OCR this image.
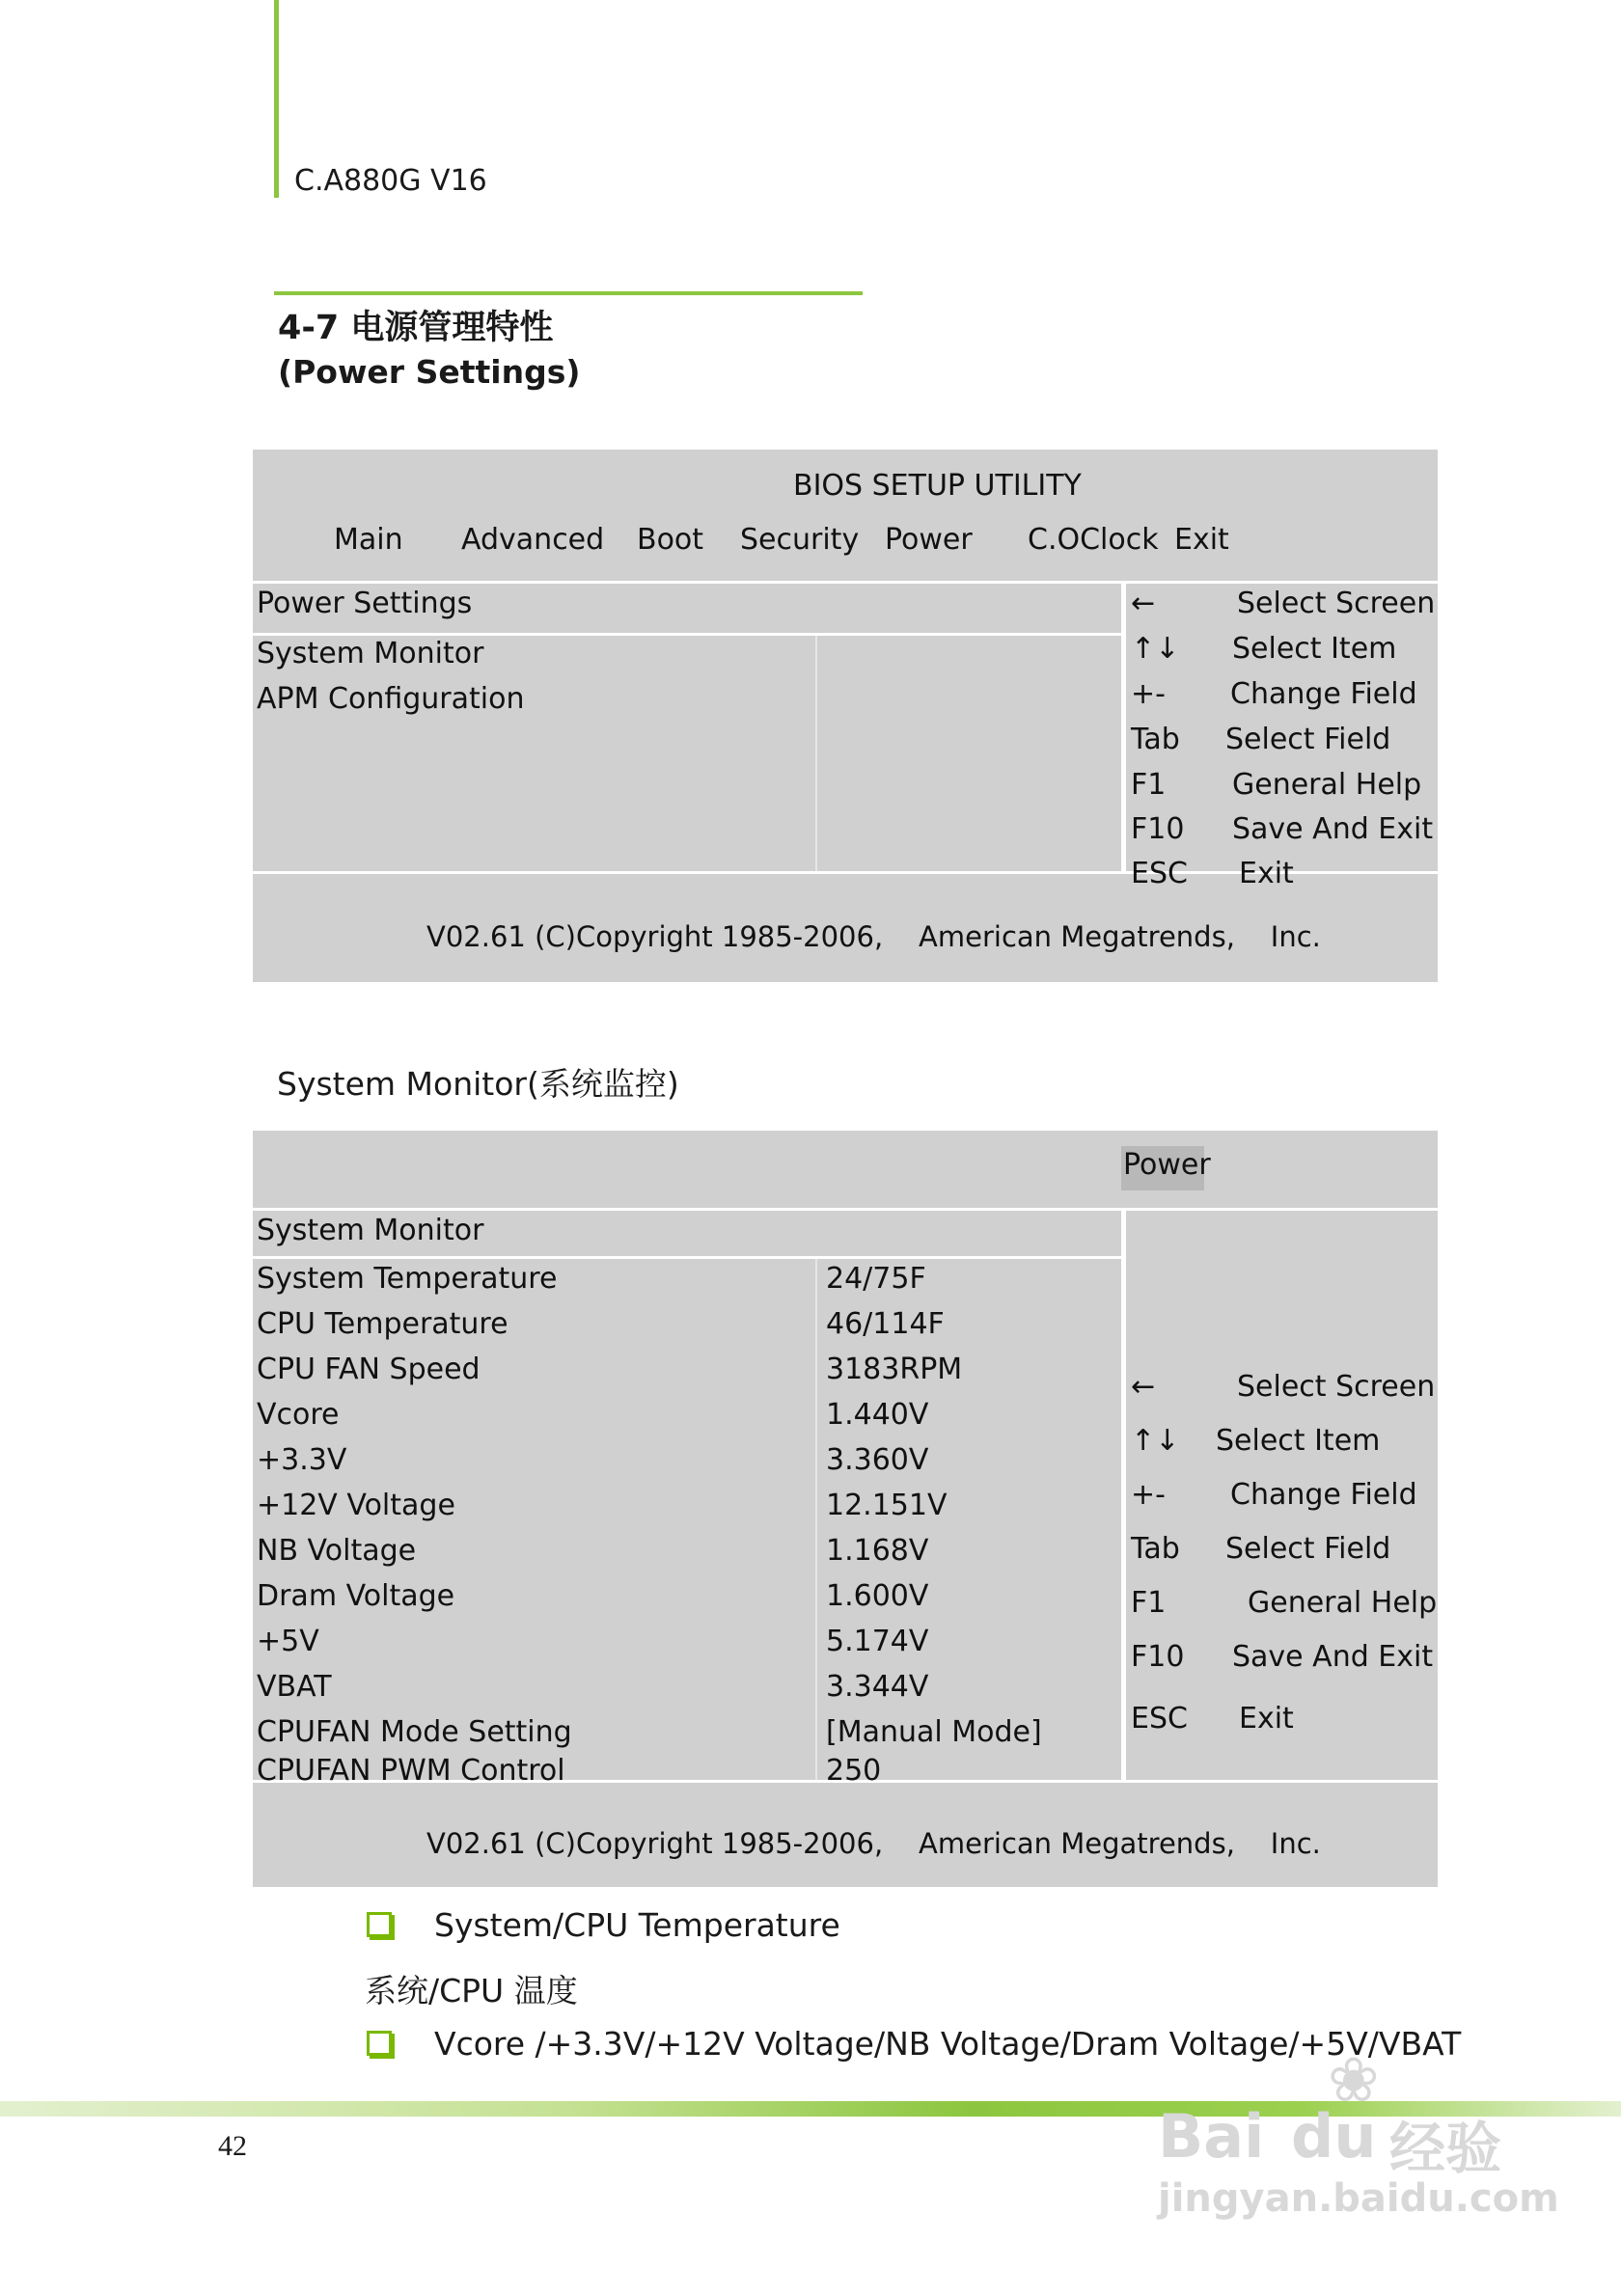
C.A880G V16
4-7 电源管理特性
(Power Settings)
BIOS SETUP UTILITY
Main Advanced Boot Security Power C.OClock Exit
Power Settings
System Monitor
APM Configuration
←	Select Screen
↑↓ Select Item
+- Change Field
Tab Select Field
F1 General Help
F10 Save And Exit
ESC Exit
V02.61 (C)Copyright 1985-2006,    American Megatrends,    Inc.
System Monitor(系统监控)
Power
System Monitor
System Temperature	24/75F
CPU Temperature	46/114F
CPU FAN Speed	3183RPM
Vcore	1.440V
+3.3V	3.360V
+12V Voltage	12.151V
NB Voltage	1.168V
Dram Voltage	1.600V
+5V	5.174V
VBAT	3.344V
CPUFAN Mode Setting	[Manual Mode]
CPUFAN PWM Control	250
←	Select Screen
↑↓ Select Item
+- Change Field
Tab Select Field
F1	General Help
F10 Save And Exit
ESC Exit
V02.61 (C)Copyright 1985-2006,    American Megatrends,    Inc.
System/CPU Temperature
系统/CPU 温度
Vcore /+3.3V/+12V Voltage/NB Voltage/Dram Voltage/+5V/VBAT
42
❀
Bai du 经验
jingyan.baidu.com
